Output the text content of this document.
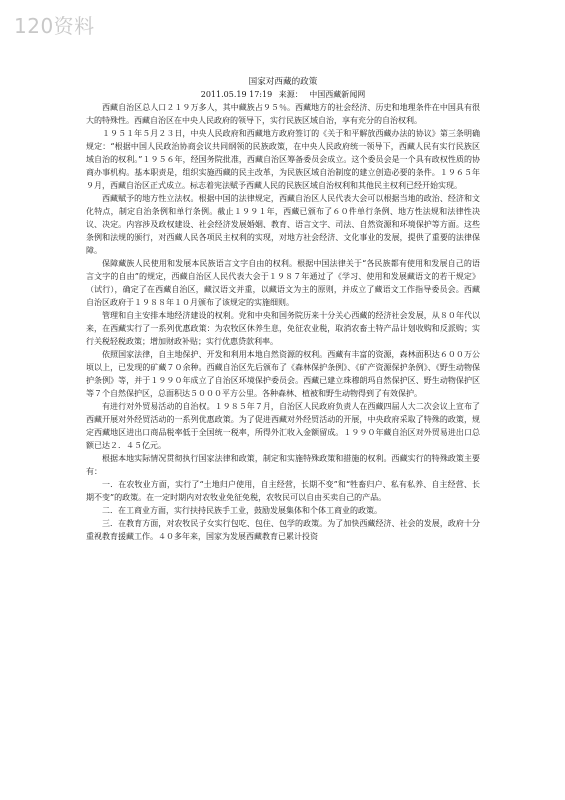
120资料
国家对西藏的政策
2011.05.19 17:19 来源： 中国西藏新闻网

西藏自治区总人口２１９万多人，其中藏族占９５％。西藏地方的社会经济、历史和地理条件在中国具有很大的特殊性。西藏自治区在中央人民政府的领导下，实行民族区域自治，享有充分的自治权利。

１９５１年５月２３日，中央人民政府和西藏地方政府签订的《关于和平解放西藏办法的协议》第三条明确规定：“根据中国人民政治协商会议共同纲领的民族政策，在中央人民政府统一领导下，西藏人民有实行民族区域自治的权利。”１９５６年，经国务院批准，西藏自治区筹备委员会成立。这个委员会是一个具有政权性质的协商办事机构。基本职责是，组织实施西藏的民主改革，为民族区域自治制度的建立创造必要的条件。１９６５年９月，西藏自治区正式成立。标志着宪法赋予西藏人民的民族区域自治权利和其他民主权利已经开始实现。

西藏赋予的地方性立法权。根据中国的法律规定，西藏自治区人民代表大会可以根据当地的政治、经济和文化特点，制定自治条例和单行条例。截止１９９１年，西藏已颁布了６０件单行条例、地方性法规和法律性决议、决定。内容涉及政权建设、社会经济发展婚姻、教育、语言文字、司法、自然资源和环境保护等方面。这些条例和法规的颁行，对西藏人民各项民主权利的实现，对地方社会经济、文化事业的发展，提供了重要的法律保障。

保障藏族人民使用和发展本民族语言文字自由的权利。根据中国法律关于“各民族都有使用和发展自己的语言文字的自由”的规定，西藏自治区人民代表大会于１９８７年通过了《学习、使用和发展藏语文的若干规定》（试行），确定了在西藏自治区，藏汉语文并重，以藏语文为主的原则，并成立了藏语文工作指导委员会。西藏自治区政府于１９８８年１０月颁布了该规定的实施细则。

管理和自主安排本地经济建设的权利。党和中央和国务院历来十分关心西藏的经济社会发展，从８０年代以来，在西藏实行了一系列优惠政策：为农牧区休养生息，免征农业税，取消农畜土特产品计划收购和反派购；实行关税轻税政策；增加财政补贴；实行优惠贷款利率。

依照国家法律，自主地保护、开发和利用本地自然资源的权利。西藏有丰富的资源，森林面积达６００万公顷以上，已发现的矿藏７０余种。西藏自治区先后颁布了《森林保护条例》、《矿产资源保护条例》、《野生动物保护条例》等，并于１９９０年成立了自治区环境保护委员会。西藏已建立珠穆朗玛自然保护区、野生动物保护区等７个自然保护区，总面积达５０００平方公里。各种森林、植被和野生动物得到了有效保护。

有进行对外贸易活动的自治权。１９８５年７月，自治区人民政府负责人在西藏四届人大二次会议上宣布了西藏开展对外经贸活动的一系列优惠政策。为了促进西藏对外经贸活动的开展，中央政府采取了特殊的政策，规定西藏地区进出口商品税率低于全国统一税率，所得外汇收入金额留成。１９９０年藏自治区对外贸易进出口总额已达２．４５亿元。

根据本地实际情况贯彻执行国家法律和政策，制定和实施特殊政策和措施的权利。西藏实行的特殊政策主要有：

一．在农牧业方面，实行了“土地归户使用，自主经营，长期不变”和“牲畜归户、私有私养、自主经营、长期不变”的政策。在一定时期内对农牧业免征免税，农牧民可以自由买卖自己的产品。

二．在工商业方面，实行扶持民族手工业，鼓励发展集体和个体工商业的政策。

三．在教育方面，对农牧民子女实行包吃、包住、包学的政策。为了加快西藏经济、社会的发展，政府十分重视教育援藏工作。４０多年来，国家为发展西藏教育已累计投资
